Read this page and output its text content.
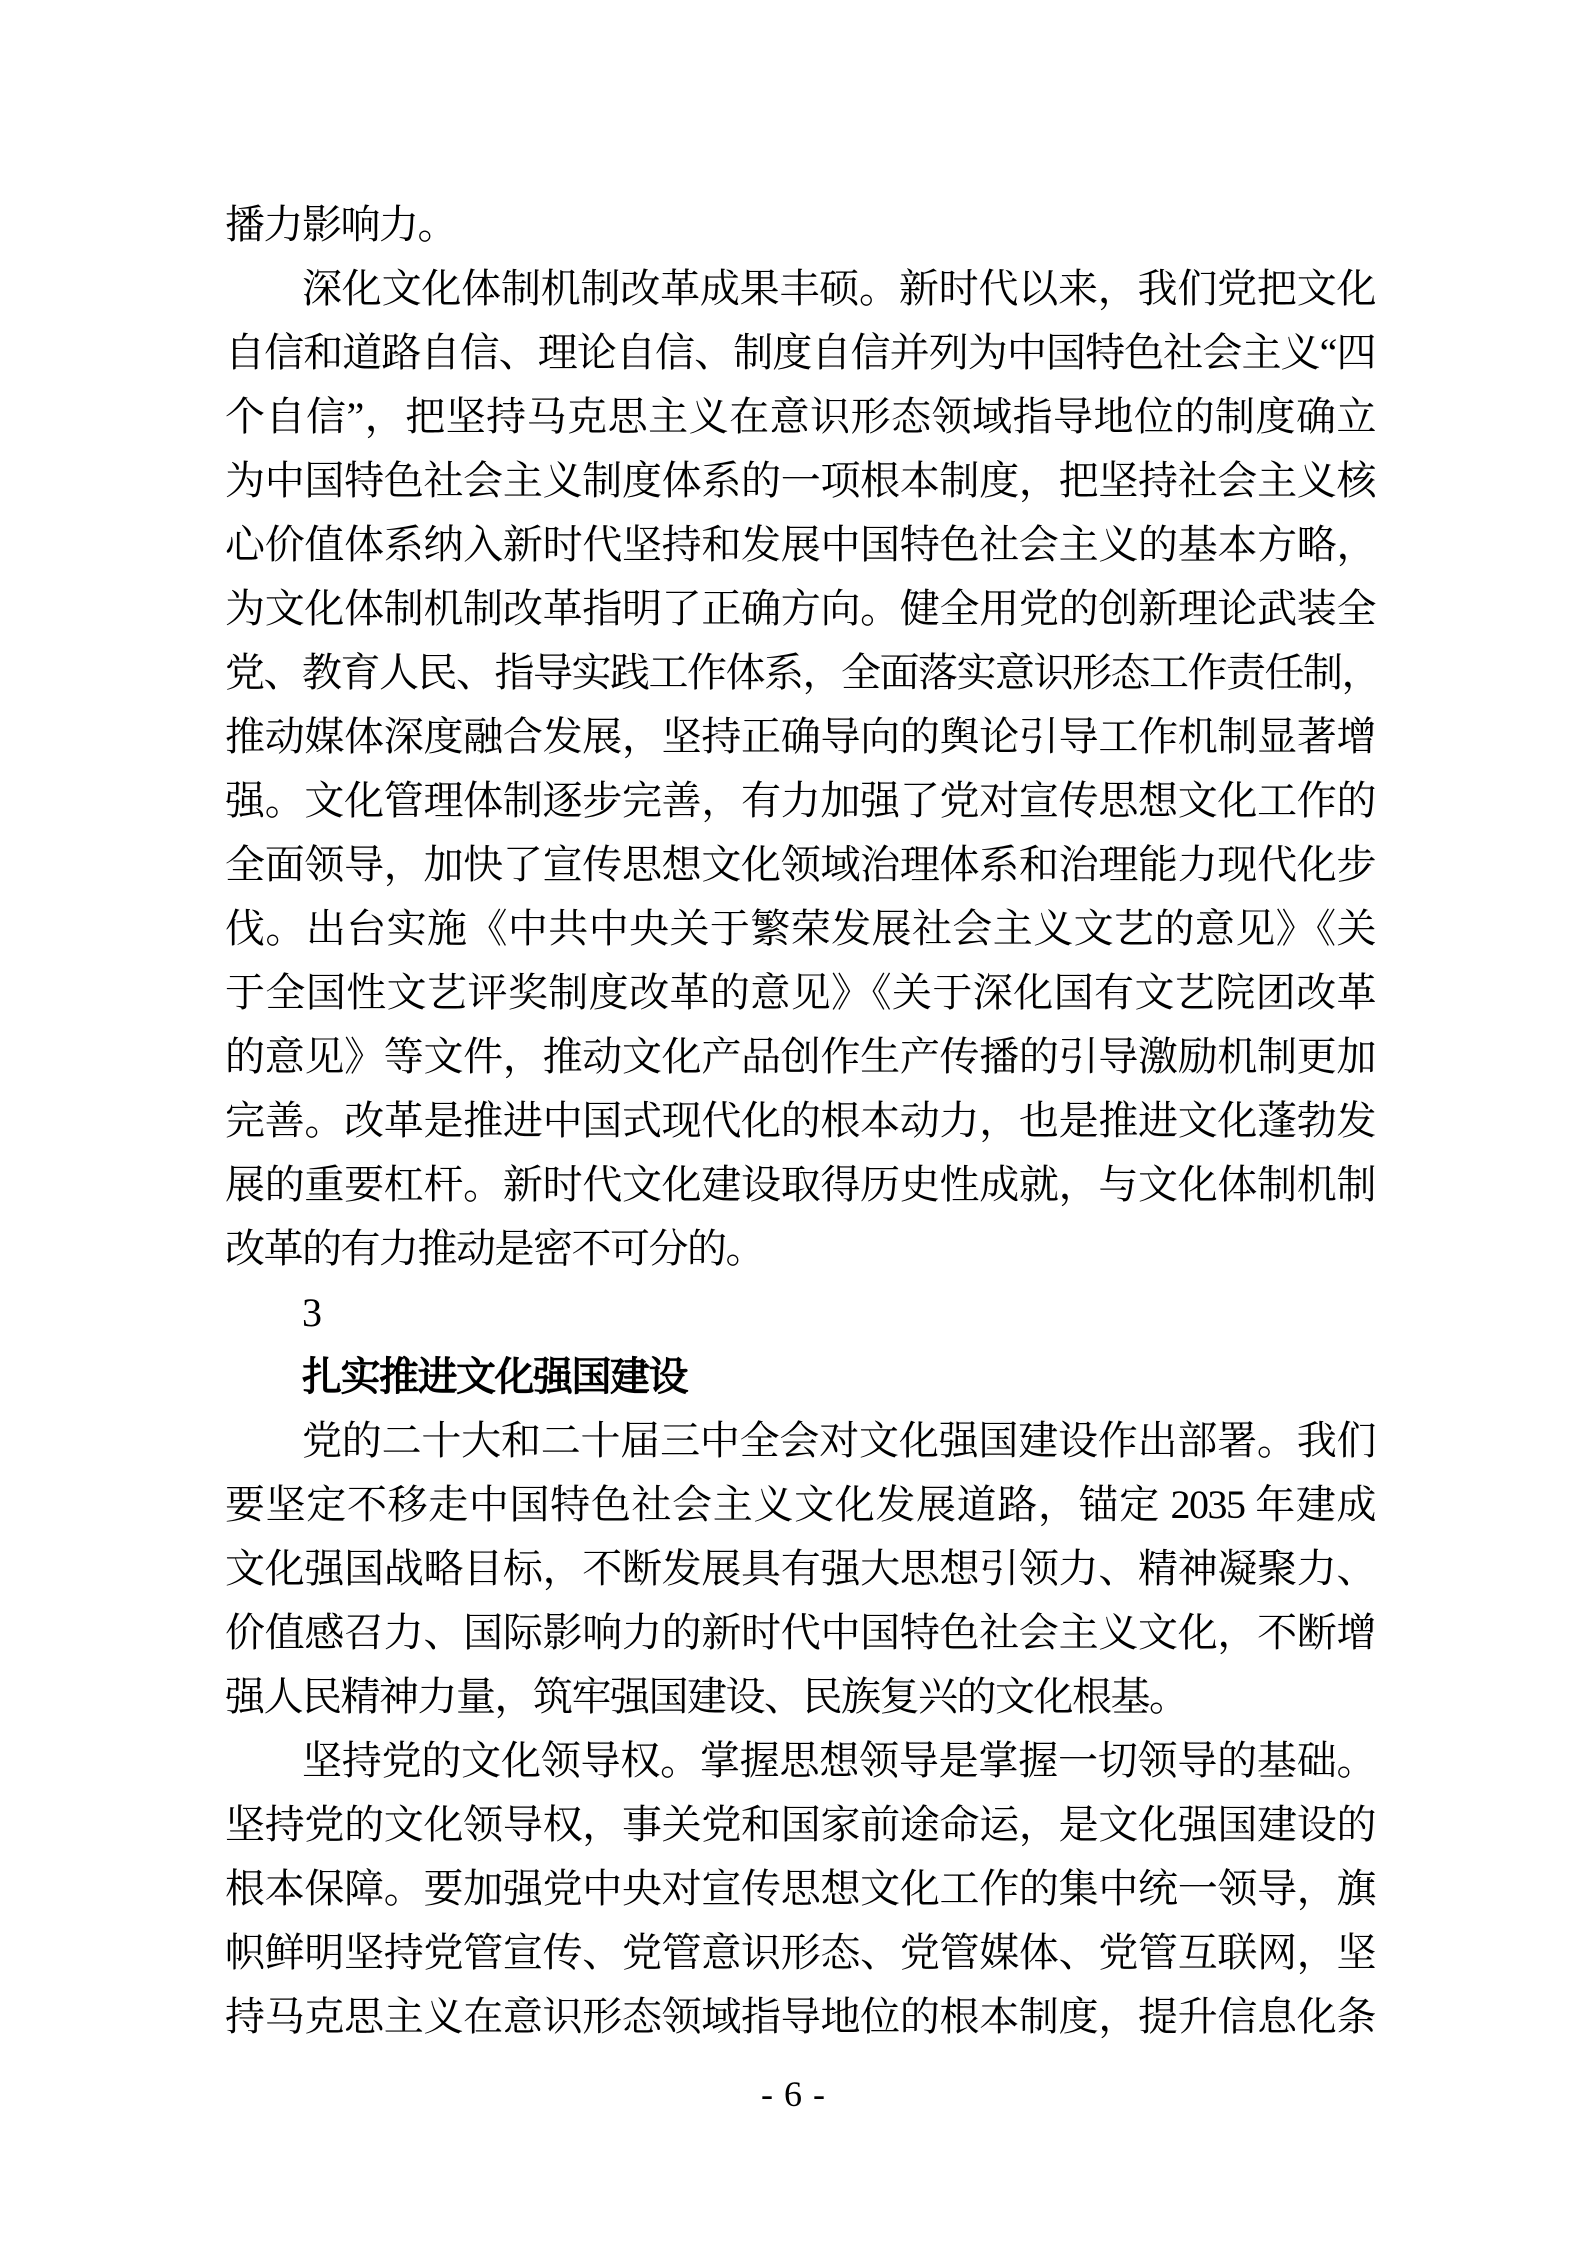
播力影响力。
深化文化体制机制改革成果丰硕。新时代以来，我们党把文化
自信和道路自信、理论自信、制度自信并列为中国特色社会主义“四
个自信”，把坚持马克思主义在意识形态领域指导地位的制度确立
为中国特色社会主义制度体系的一项根本制度，把坚持社会主义核
心价值体系纳入新时代坚持和发展中国特色社会主义的基本方略，
为文化体制机制改革指明了正确方向。健全用党的创新理论武装全
党、教育人民、指导实践工作体系，全面落实意识形态工作责任制，
推动媒体深度融合发展，坚持正确导向的舆论引导工作机制显著增
强。文化管理体制逐步完善，有力加强了党对宣传思想文化工作的
全面领导，加快了宣传思想文化领域治理体系和治理能力现代化步
伐。出台实施《中共中央关于繁荣发展社会主义文艺的意见》《关
于全国性文艺评奖制度改革的意见》《关于深化国有文艺院团改革
的意见》等文件，推动文化产品创作生产传播的引导激励机制更加
完善。改革是推进中国式现代化的根本动力，也是推进文化蓬勃发
展的重要杠杆。新时代文化建设取得历史性成就，与文化体制机制
改革的有力推动是密不可分的。
3
扎实推进文化强国建设
党的二十大和二十届三中全会对文化强国建设作出部署。我们
要坚定不移走中国特色社会主义文化发展道路，锚定 2035 年建成
文化强国战略目标，不断发展具有强大思想引领力、精神凝聚力、
价值感召力、国际影响力的新时代中国特色社会主义文化，不断增
强人民精神力量，筑牢强国建设、民族复兴的文化根基。
坚持党的文化领导权。掌握思想领导是掌握一切领导的基础。
坚持党的文化领导权，事关党和国家前途命运，是文化强国建设的
根本保障。要加强党中央对宣传思想文化工作的集中统一领导，旗
帜鲜明坚持党管宣传、党管意识形态、党管媒体、党管互联网，坚
持马克思主义在意识形态领域指导地位的根本制度，提升信息化条
- 6 -
